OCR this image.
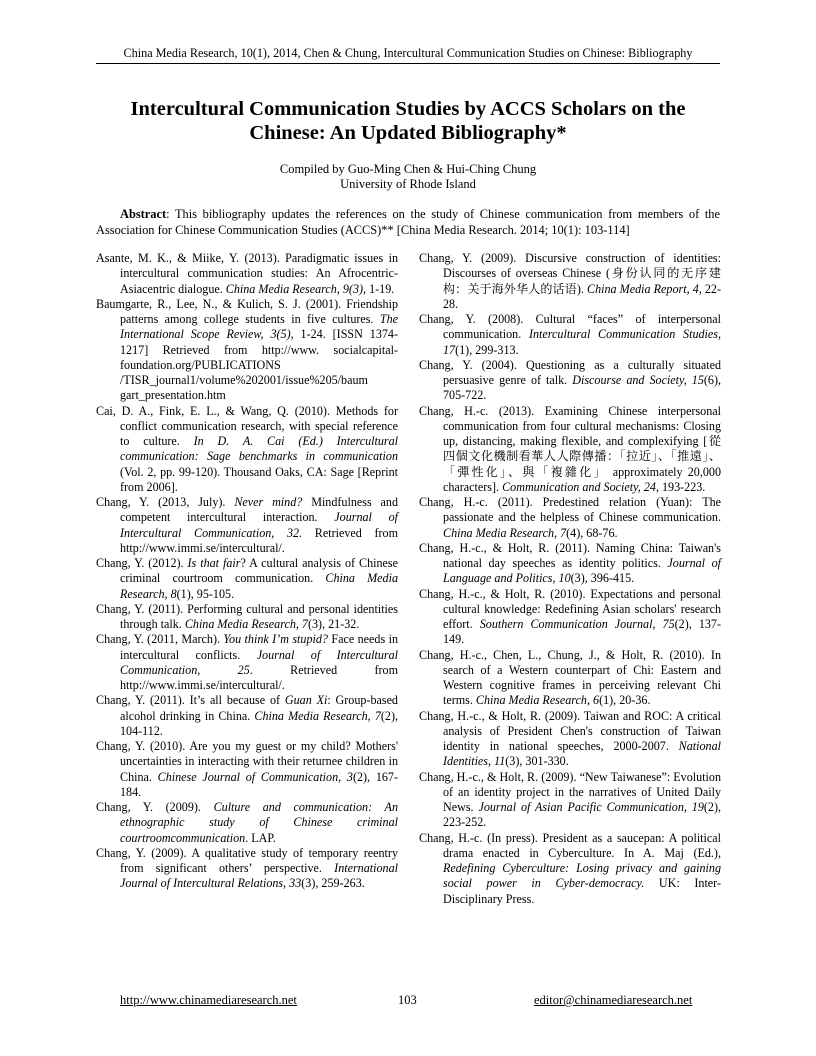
China Media Research, 10(1), 2014, Chen & Chung, Intercultural Communication Studies on Chinese: Bibliography
Intercultural Communication Studies by ACCS Scholars on the Chinese: An Updated Bibliography*
Compiled by Guo-Ming Chen & Hui-Ching Chung
University of Rhode Island
Abstract: This bibliography updates the references on the study of Chinese communication from members of the Association for Chinese Communication Studies (ACCS)** [China Media Research. 2014; 10(1): 103-114]

Asante, M. K., & Miike, Y. (2013). Paradigmatic issues in intercultural communication studies: An Afrocentric-Asiacentric dialogue. China Media Research, 9(3), 1-19.

Baumgarte, R., Lee, N., & Kulich, S. J. (2001). Friendship patterns among college students in five cultures. The International Scope Review, 3(5), 1-24. [ISSN 1374-1217] Retrieved from http://www. socialcapital-foundation.org/PUBLICATIONS /TISR_journal1/volume%202001/issue%205/baum gart_presentation.htm

Cai, D. A., Fink, E. L., & Wang, Q. (2010). Methods for conflict communication research, with special reference to culture. In D. A. Cai (Ed.) Intercultural communication: Sage benchmarks in communication (Vol. 2, pp. 99-120). Thousand Oaks, CA: Sage [Reprint from 2006].

Chang, Y. (2013, July). Never mind? Mindfulness and competent intercultural interaction. Journal of Intercultural Communication, 32. Retrieved from http://www.immi.se/intercultural/.

Chang, Y. (2012). Is that fair? A cultural analysis of Chinese criminal courtroom communication. China Media Research, 8(1), 95-105.

Chang, Y. (2011). Performing cultural and personal identities through talk. China Media Research, 7(3), 21-32.

Chang, Y. (2011, March). You think I’m stupid? Face needs in intercultural conflicts. Journal of Intercultural Communication, 25. Retrieved from http://www.immi.se/intercultural/.

Chang, Y. (2011). It’s all because of Guan Xi: Group-based alcohol drinking in China. China Media Research, 7(2), 104-112.

Chang, Y. (2010). Are you my guest or my child? Mothers' uncertainties in interacting with their returnee children in China. Chinese Journal of Communication, 3(2), 167-184.

Chang, Y. (2009). Culture and communication: An ethnographic study of Chinese criminal courtroomcommunication. LAP.

Chang, Y. (2009). A qualitative study of temporary reentry from significant others’ perspective. International Journal of Intercultural Relations, 33(3), 259-263.

Chang, Y. (2009). Discursive construction of identities: Discourses of overseas Chinese (身份认同的无序建构：关于海外华人的话语). China Media Report, 4, 22-28.

Chang, Y. (2008). Cultural “faces” of interpersonal communication. Intercultural Communication Studies, 17(1), 299-313.

Chang, Y. (2004). Questioning as a culturally situated persuasive genre of talk. Discourse and Society, 15(6), 705-722.

Chang, H.-c. (2013). Examining Chinese interpersonal communication from four cultural mechanisms: Closing up, distancing, making flexible, and complexifying [從四個文化機制看華人人際傳播：「拉近」、「推遠」、「彈性化」、與「複雜化」 approximately 20,000 characters]. Communication and Society, 24, 193-223.

Chang, H.-c. (2011). Predestined relation (Yuan): The passionate and the helpless of Chinese communication. China Media Research, 7(4), 68-76.

Chang, H.-c., & Holt, R. (2011). Naming China: Taiwan's national day speeches as identity politics. Journal of Language and Politics, 10(3), 396-415.

Chang, H.-c., & Holt, R. (2010). Expectations and personal cultural knowledge: Redefining Asian scholars' research effort. Southern Communication Journal, 75(2), 137-149.

Chang, H.-c., Chen, L., Chung, J., & Holt, R. (2010). In search of a Western counterpart of Chi: Eastern and Western cognitive frames in perceiving relevant Chi terms. China Media Research, 6(1), 20-36.

Chang, H.-c., & Holt, R. (2009). Taiwan and ROC: A critical analysis of President Chen's construction of Taiwan identity in national speeches, 2000-2007. National Identities, 11(3), 301-330.

Chang, H.-c., & Holt, R. (2009). “New Taiwanese”: Evolution of an identity project in the narratives of United Daily News. Journal of Asian Pacific Communication, 19(2), 223-252.

Chang, H.-c. (In press). President as a saucepan: A political drama enacted in Cyberculture. In A. Maj (Ed.), Redefining Cyberculture: Losing privacy and gaining social power in Cyber-democracy. UK: Inter-Disciplinary Press.

http://www.chinamediaresearch.net	103	editor@chinamediaresearch.net
